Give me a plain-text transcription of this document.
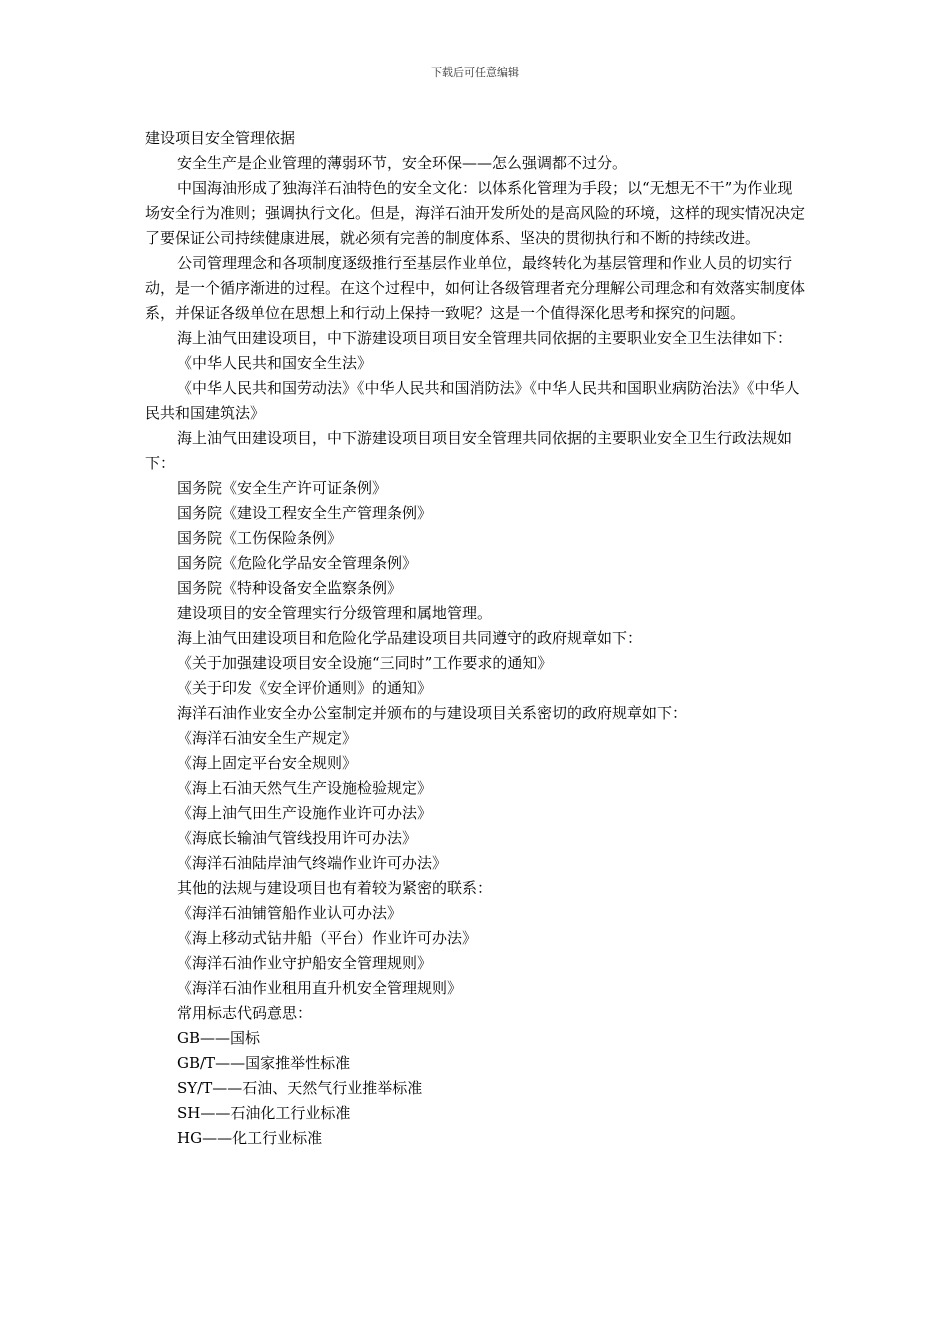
下载后可任意编辑

建设项目安全管理依据

安全生产是企业管理的薄弱环节，安全环保——怎么强调都不过分。

中国海油形成了独海洋石油特色的安全文化：以体系化管理为手段；以“无想无不干”为作业现场安全行为准则；强调执行文化。但是，海洋石油开发所处的是高风险的环境，这样的现实情况决定了要保证公司持续健康进展，就必须有完善的制度体系、坚决的贯彻执行和不断的持续改进。

公司管理理念和各项制度逐级推行至基层作业单位，最终转化为基层管理和作业人员的切实行动，是一个循序渐进的过程。在这个过程中，如何让各级管理者充分理解公司理念和有效落实制度体系，并保证各级单位在思想上和行动上保持一致呢？这是一个值得深化思考和探究的问题。

海上油气田建设项目，中下游建设项目项目安全管理共同依据的主要职业安全卫生法律如下：

《中华人民共和国安全生法》

《中华人民共和国劳动法》《中华人民共和国消防法》《中华人民共和国职业病防治法》《中华人民共和国建筑法》

海上油气田建设项目，中下游建设项目项目安全管理共同依据的主要职业安全卫生行政法规如下：

国务院《安全生产许可证条例》

国务院《建设工程安全生产管理条例》

国务院《工伤保险条例》

国务院《危险化学品安全管理条例》

国务院《特种设备安全监察条例》

建设项目的安全管理实行分级管理和属地管理。

海上油气田建设项目和危险化学品建设项目共同遵守的政府规章如下：

《关于加强建设项目安全设施“三同时”工作要求的通知》

《关于印发《安全评价通则》的通知》

海洋石油作业安全办公室制定并颁布的与建设项目关系密切的政府规章如下：

《海洋石油安全生产规定》

《海上固定平台安全规则》

《海上石油天然气生产设施检验规定》

《海上油气田生产设施作业许可办法》

《海底长输油气管线投用许可办法》

《海洋石油陆岸油气终端作业许可办法》

其他的法规与建设项目也有着较为紧密的联系：

《海洋石油铺管船作业认可办法》

《海上移动式钻井船（平台）作业许可办法》

《海洋石油作业守护船安全管理规则》

《海洋石油作业租用直升机安全管理规则》

常用标志代码意思：

GB——国标

GB/T——国家推举性标准

SY/T——石油、天然气行业推举标准

SH——石油化工行业标准

HG——化工行业标准
